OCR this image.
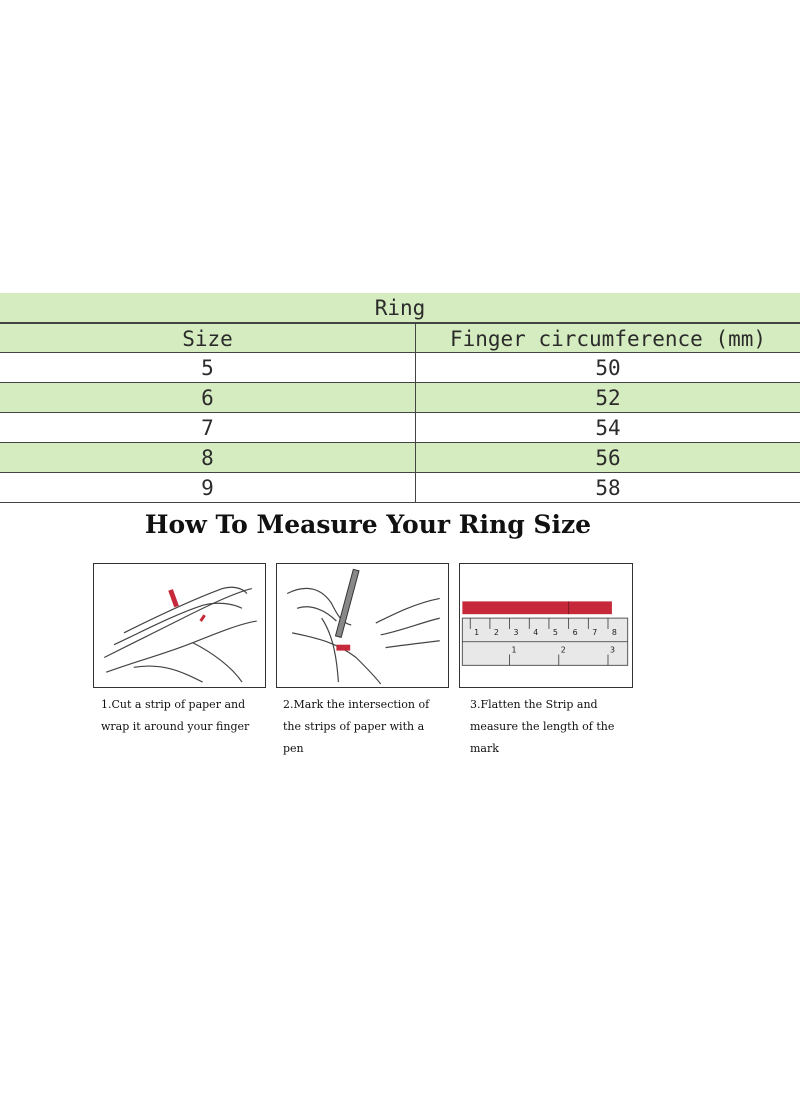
Ring
Size	Finger circumference (mm)
5	50
6	52
7	54
8	56
9	58
How To Measure Your Ring Size
1 2 3 4 5 6 7 8
1	2	3
1.Cut a strip of paper and wrap it around your finger
2.Mark the intersection of the strips of paper with a pen
3.Flatten the Strip and measure the length of the mark
